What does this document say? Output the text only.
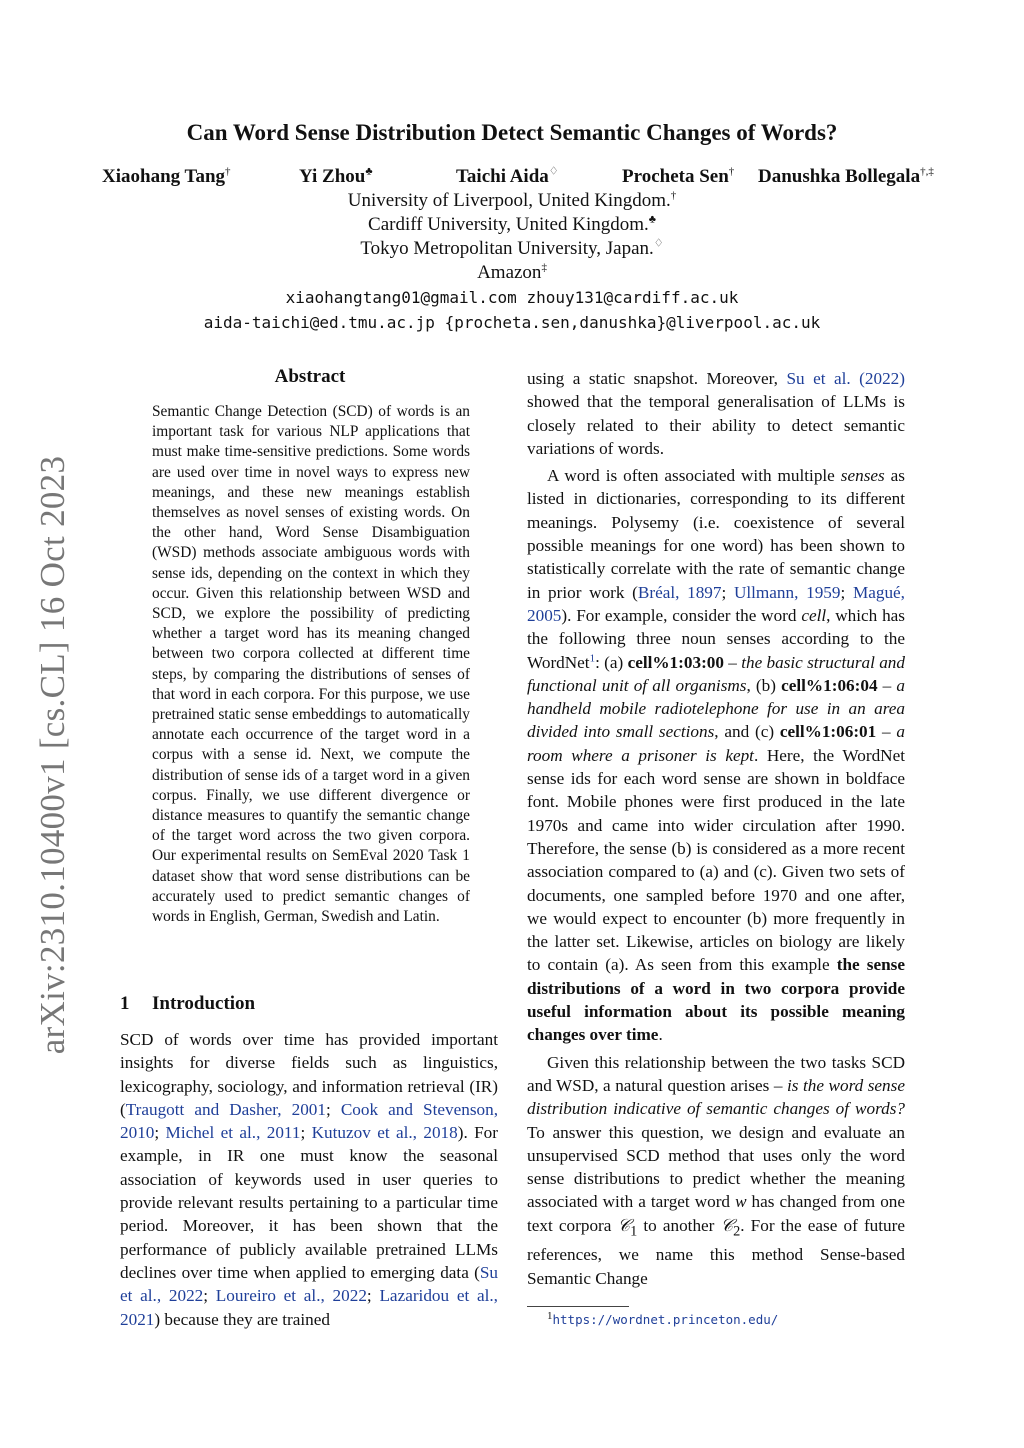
arXiv:2310.10400v1 [cs.CL] 16 Oct 2023
Can Word Sense Distribution Detect Semantic Changes of Words?
Xiaohang Tang†	Yi Zhou♣	Taichi Aida♢	Procheta Sen† Danushka Bollegala†,‡
University of Liverpool, United Kingdom.†
Cardiff University, United Kingdom.♣
Tokyo Metropolitan University, Japan.♢
Amazon‡
xiaohangtang01@gmail.com zhouy131@cardiff.ac.uk
aida-taichi@ed.tmu.ac.jp {procheta.sen,danushka}@liverpool.ac.uk
Abstract
Semantic Change Detection (SCD) of words is an important task for various NLP applications that must make time-sensitive predictions. Some words are used over time in novel ways to express new meanings, and these new meanings establish themselves as novel senses of existing words. On the other hand, Word Sense Disambiguation (WSD) methods associate ambiguous words with sense ids, depending on the context in which they occur. Given this relationship between WSD and SCD, we explore the possibility of predicting whether a target word has its meaning changed between two corpora collected at different time steps, by comparing the distributions of senses of that word in each corpora. For this purpose, we use pretrained static sense embeddings to automatically annotate each occurrence of the target word in a corpus with a sense id. Next, we compute the distribution of sense ids of a target word in a given corpus. Finally, we use different divergence or distance measures to quantify the semantic change of the target word across the two given corpora. Our experimental results on SemEval 2020 Task 1 dataset show that word sense distributions can be accurately used to predict semantic changes of words in English, German, Swedish and Latin.
1 Introduction

SCD of words over time has provided important insights for diverse fields such as linguistics, lexicography, sociology, and information retrieval (IR) (Traugott and Dasher, 2001; Cook and Stevenson, 2010; Michel et al., 2011; Kutuzov et al., 2018). For example, in IR one must know the seasonal association of keywords used in user queries to provide relevant results pertaining to a particular time period. Moreover, it has been shown that the performance of publicly available pretrained LLMs declines over time when applied to emerging data (Su et al., 2022; Loureiro et al., 2022; Lazaridou et al., 2021) because they are trained

using a static snapshot. Moreover, Su et al. (2022) showed that the temporal generalisation of LLMs is closely related to their ability to detect semantic variations of words.

A word is often associated with multiple senses as listed in dictionaries, corresponding to its different meanings. Polysemy (i.e. coexistence of several possible meanings for one word) has been shown to statistically correlate with the rate of semantic change in prior work (Bréal, 1897; Ullmann, 1959; Magué, 2005). For example, consider the word cell, which has the following three noun senses according to the WordNet$^1$: (a) cell%1:03:00 – the basic structural and functional unit of all organisms, (b) cell%1:06:04 – a handheld mobile radiotelephone for use in an area divided into small sections, and (c) cell%1:06:01 – a room where a prisoner is kept. Here, the WordNet sense ids for each word sense are shown in boldface font. Mobile phones were first produced in the late 1970s and came into wider circulation after 1990. Therefore, the sense (b) is considered as a more recent association compared to (a) and (c). Given two sets of documents, one sampled before 1970 and one after, we would expect to encounter (b) more frequently in the latter set. Likewise, articles on biology are likely to contain (a). As seen from this example the sense distributions of a word in two corpora provide useful information about its possible meaning changes over time.

Given this relationship between the two tasks SCD and WSD, a natural question arises – is the word sense distribution indicative of semantic changes of words? To answer this question, we design and evaluate an unsupervised SCD method that uses only the word sense distributions to predict whether the meaning associated with a target word w has changed from one text corpora 𝒞$_1$ to another 𝒞$_2$. For the ease of future references, we name this method Sense-based Semantic Change

$^1$https://wordnet.princeton.edu/
